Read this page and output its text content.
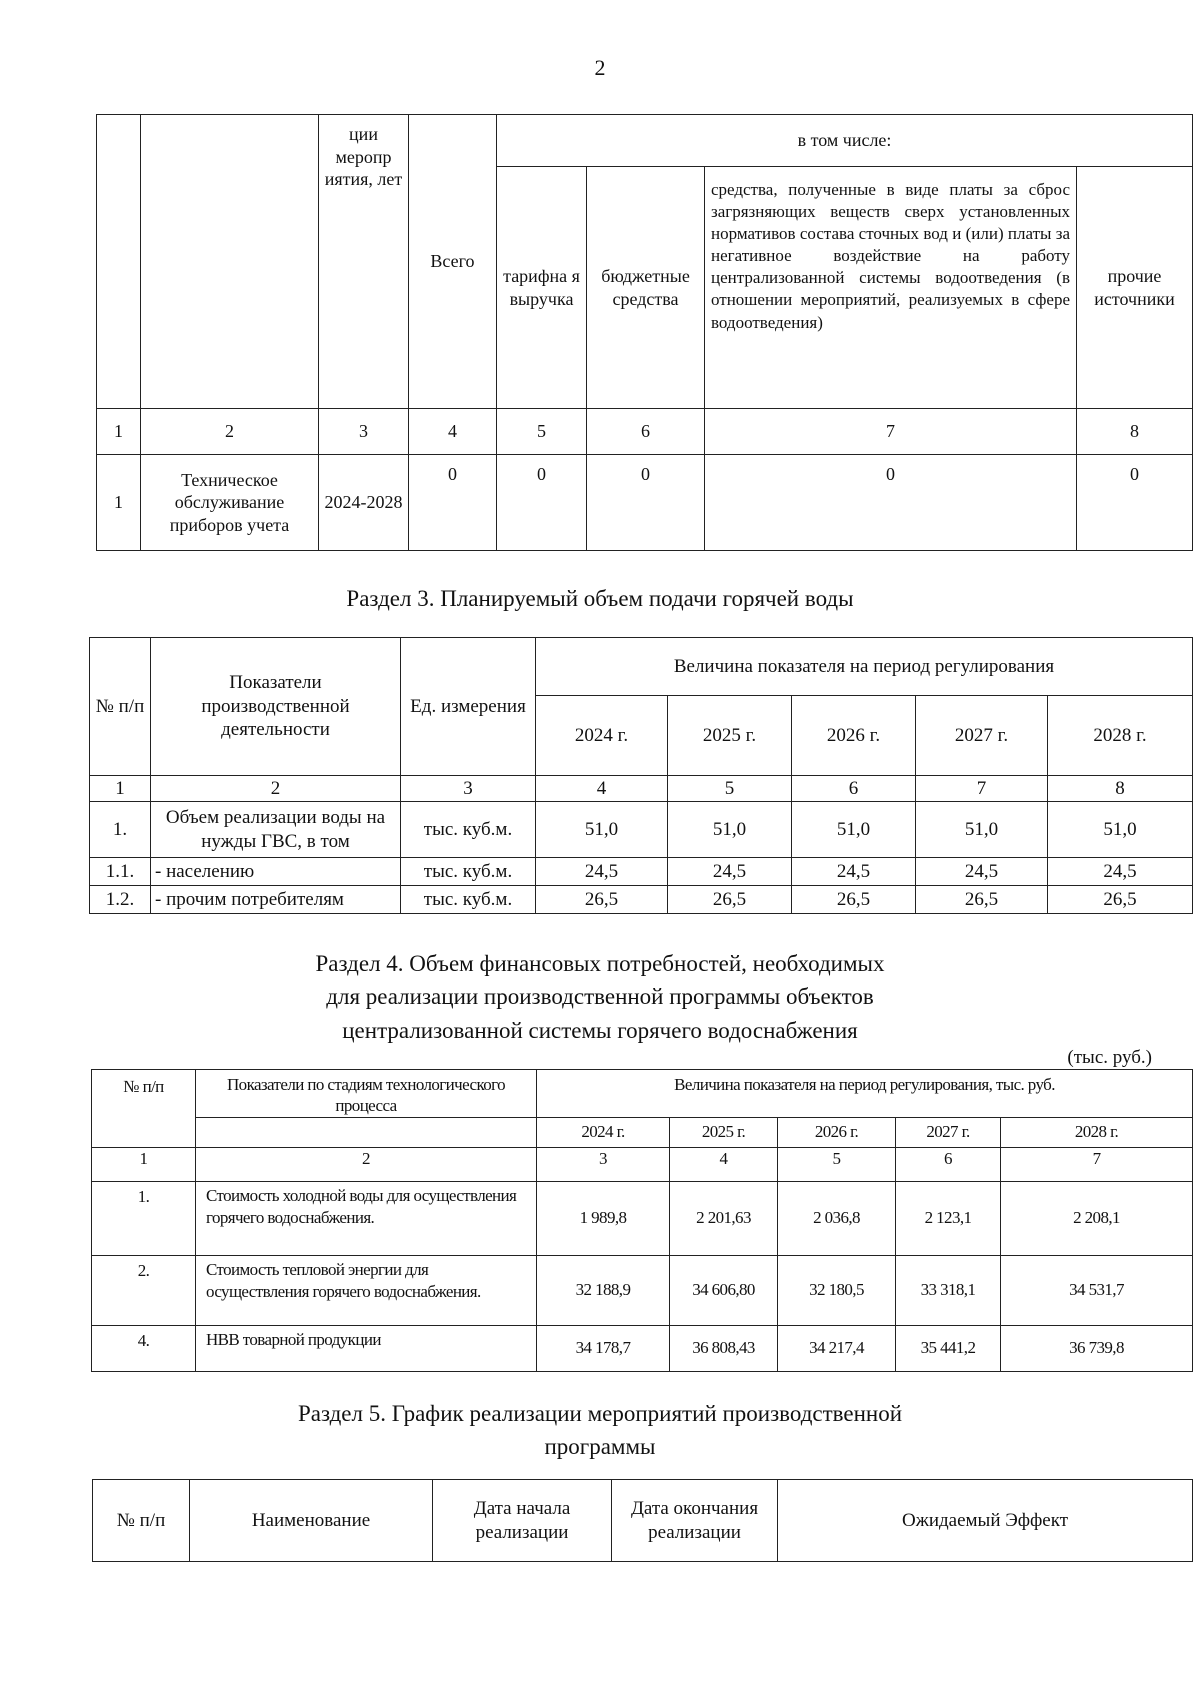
2
		ции меропр иятия, лет	Всего	в том числе:			
				тарифна я выручка	бюджетные средства	средства, полученные в виде платы за сброс загрязняющих веществ сверх установленных нормативов состава сточных вод и (или) платы за негативное воздействие на работу централизованной системы водоотведения (в отношении мероприятий, реализуемых в сфере водоотведения)	прочие источники
1	2	3	4	5	6	7	8
1	Техническое обслуживание приборов учета	2024-2028	0	0	0	0	0
Раздел 3. Планируемый объем подачи горячей воды
№ п/п	Показатели производственной деятельности	Ед. измерения	Величина показателя на период регулирования				
			2024 г.	2025 г.	2026 г.	2027 г.	2028 г.
1	2	3	4	5	6	7	8
1.	Объем реализации воды на нужды ГВС, в том	тыс. куб.м.	51,0	51,0	51,0	51,0	51,0
1.1.	- населению	тыс. куб.м.	24,5	24,5	24,5	24,5	24,5
1.2.	- прочим потребителям	тыс. куб.м.	26,5	26,5	26,5	26,5	26,5
Раздел 4. Объем финансовых потребностей, необходимых
для реализации производственной программы объектов
централизованной системы горячего водоснабжения
(тыс. руб.)
№ п/п	Показатели по стадиям технологического процесса	Величина показателя на период регулирования, тыс. руб.				
		2024 г.	2025 г.	2026 г.	2027 г.	2028 г.
1	2	3	4	5	6	7
1.	Стоимость холодной воды для осуществления горячего водоснабжения.	1 989,8	2 201,63	2 036,8	2 123,1	2 208,1
2.	Стоимость тепловой энергии для осуществления горячего водоснабжения.	32 188,9	34 606,80	32 180,5	33 318,1	34 531,7
4.	НВВ товарной продукции	34 178,7	36 808,43	34 217,4	35 441,2	36 739,8
Раздел 5. График реализации мероприятий производственной
программы
№ п/п	Наименование	Дата начала реализации	Дата окончания реализации	Ожидаемый Эффект
